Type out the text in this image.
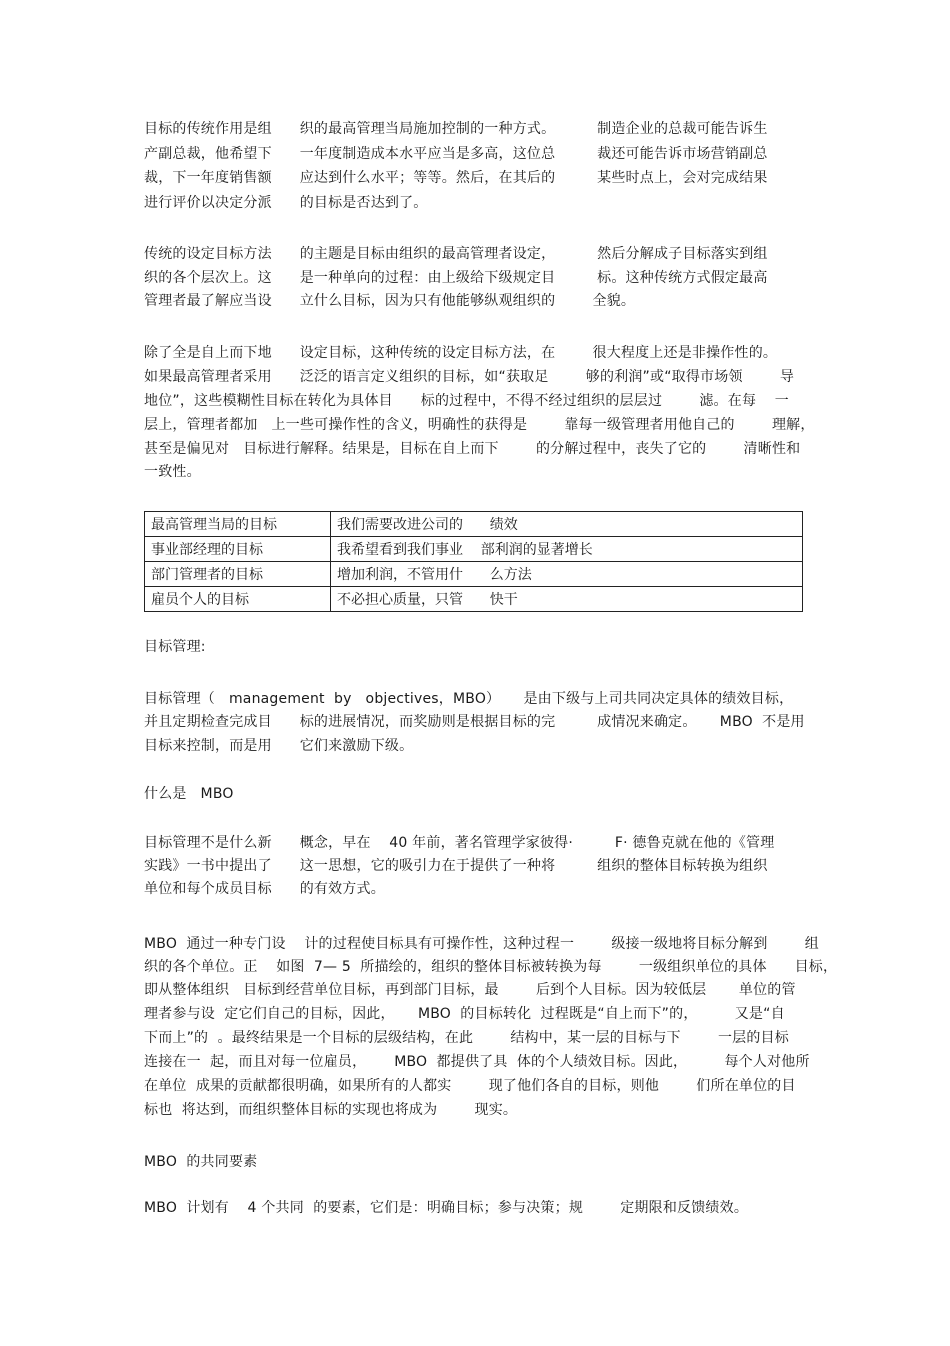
目标的传统作用是组      织的最高管理当局施加控制的一种方式。         制造企业的总裁可能告诉生
产副总裁，他希望下      一年度制造成本水平应当是多高，这位总         裁还可能告诉市场营销副总
裁，下一年度销售额      应达到什么水平；等等。然后，在其后的         某些时点上，会对完成结果
进行评价以决定分派      的目标是否达到了。
传统的设定目标方法      的主题是目标由组织的最高管理者设定，         然后分解成子目标落实到组
织的各个层次上。这      是一种单向的过程：由上级给下级规定目         标。这种传统方式假定最高
管理者最了解应当设      立什么目标，因为只有他能够纵观组织的        全貌。
除了全是自上而下地      设定目标，这种传统的设定目标方法，在        很大程度上还是非操作性的。
如果最高管理者采用      泛泛的语言定义组织的目标，如“获取足        够的利润”或“取得市场领        导
地位”，这些模糊性目标在转化为具体目      标的过程中，不得不经过组织的层层过        滤。在每    一
层上，管理者都加   上一些可操作性的含义，明确性的获得是        靠每一级管理者用他自己的        理解，
甚至是偏见对   目标进行解释。结果是，目标在自上而下        的分解过程中，丧失了它的        清晰性和
一致性。
最高管理当局的目标	我们需要改进公司的      绩效
事业部经理的目标	我希望看到我们事业    部利润的显著增长
部门管理者的目标	增加利润，不管用什      么方法
雇员个人的目标	不必担心质量，只管      快干
目标管理:
目标管理（   management  by   objectives，MBO）     是由下级与上司共同决定具体的绩效目标，
并且定期检查完成目      标的进展情况，而奖励则是根据目标的完         成情况来确定。     MBO  不是用
目标来控制，而是用      它们来激励下级。
什么是   MBO
目标管理不是什么新      概念，早在    40 年前，著名管理学家彼得·         F· 德鲁克就在他的《管理
实践》一书中提出了      这一思想，它的吸引力在于提供了一种将         组织的整体目标转换为组织
单位和每个成员目标      的有效方式。
MBO  通过一种专门设    计的过程使目标具有可操作性，这种过程一        级接一级地将目标分解到        组
织的各个单位。正    如图  7— 5  所描绘的，组织的整体目标被转换为每        一级组织单位的具体      目标，
即从整体组织   目标到经营单位目标，再到部门目标，最        后到个人目标。因为较低层       单位的管
理者参与设  定它们自己的目标，因此，     MBO  的目标转化  过程既是“自上而下”的，        又是“自
下而上”的  。最终结果是一个目标的层级结构，在此        结构中，某一层的目标与下        一层的目标
连接在一  起，而且对每一位雇员，      MBO  都提供了具  体的个人绩效目标。因此，        每个人对他所
在单位  成果的贡献都很明确，如果所有的人都实        现了他们各自的目标，则他        们所在单位的目
标也  将达到，而组织整体目标的实现也将成为        现实。
MBO  的共同要素
MBO  计划有    4 个共同  的要素，它们是：明确目标；参与决策；规        定期限和反馈绩效。
